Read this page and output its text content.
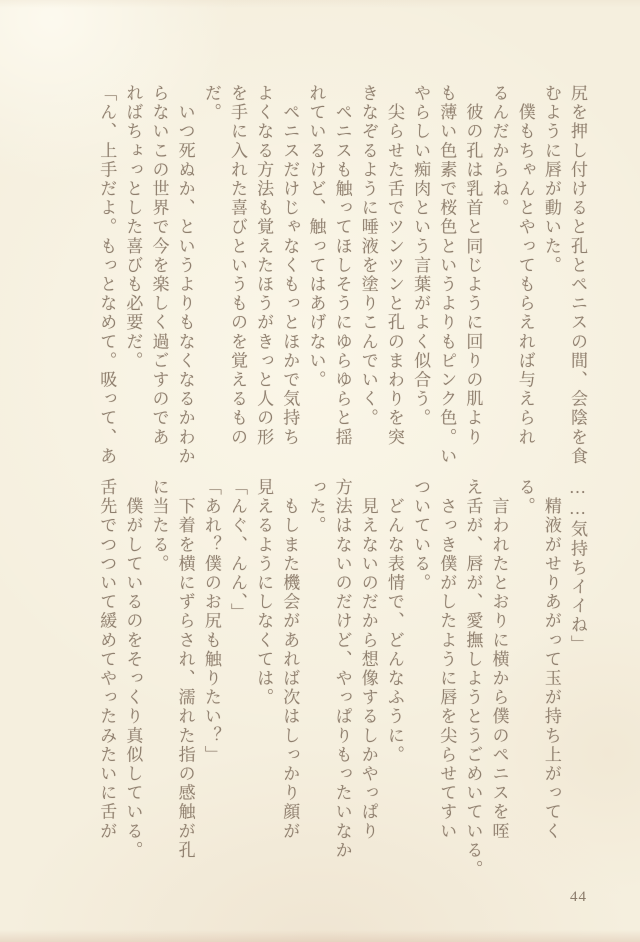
尻を押し付けると孔とペニスの間、会陰を食
むように唇が動いた。
　僕もちゃんとやってもらえれば与えられ
るんだからね。
　彼の孔は乳首と同じように回りの肌より
も薄い色素で桜色というよりもピンク色。い
やらしい痴肉という言葉がよく似合う。
　尖らせた舌でツンツンと孔のまわりを突
きなぞるように唾液を塗りこんでいく。
　ペニスも触ってほしそうにゆらゆらと揺
れているけど、触ってはあげない。
　ペニスだけじゃなくもっとほかで気持ち
よくなる方法も覚えたほうがきっと人の形
を手に入れた喜びというものを覚えるもの
だ。
　いつ死ぬか、というよりもなくなるかわか
らないこの世界で今を楽しく過ごすのであ
ればちょっとした喜びも必要だ。
「ん、上手だよ。もっとなめて。吸って、あ
……気持ちイイね」
　精液がせりあがって玉が持ち上がってく
る。
　言われたとおりに横から僕のペニスを咥
え舌が、唇が、愛撫しようとうごめいている。
　さっき僕がしたように唇を尖らせてすい
ついている。
　どんな表情で、どんなふうに。
　見えないのだから想像するしかやっぱり
方法はないのだけど、やっぱりもったいなか
った。
　もしまた機会があれば次はしっかり顔が
見えるようにしなくては。
「んぐ、んん、」
「あれ？僕のお尻も触りたい？」
　下着を横にずらされ、濡れた指の感触が孔
に当たる。
　僕がしているのをそっくり真似している。
舌先でつついて緩めてやったみたいに舌が
44
